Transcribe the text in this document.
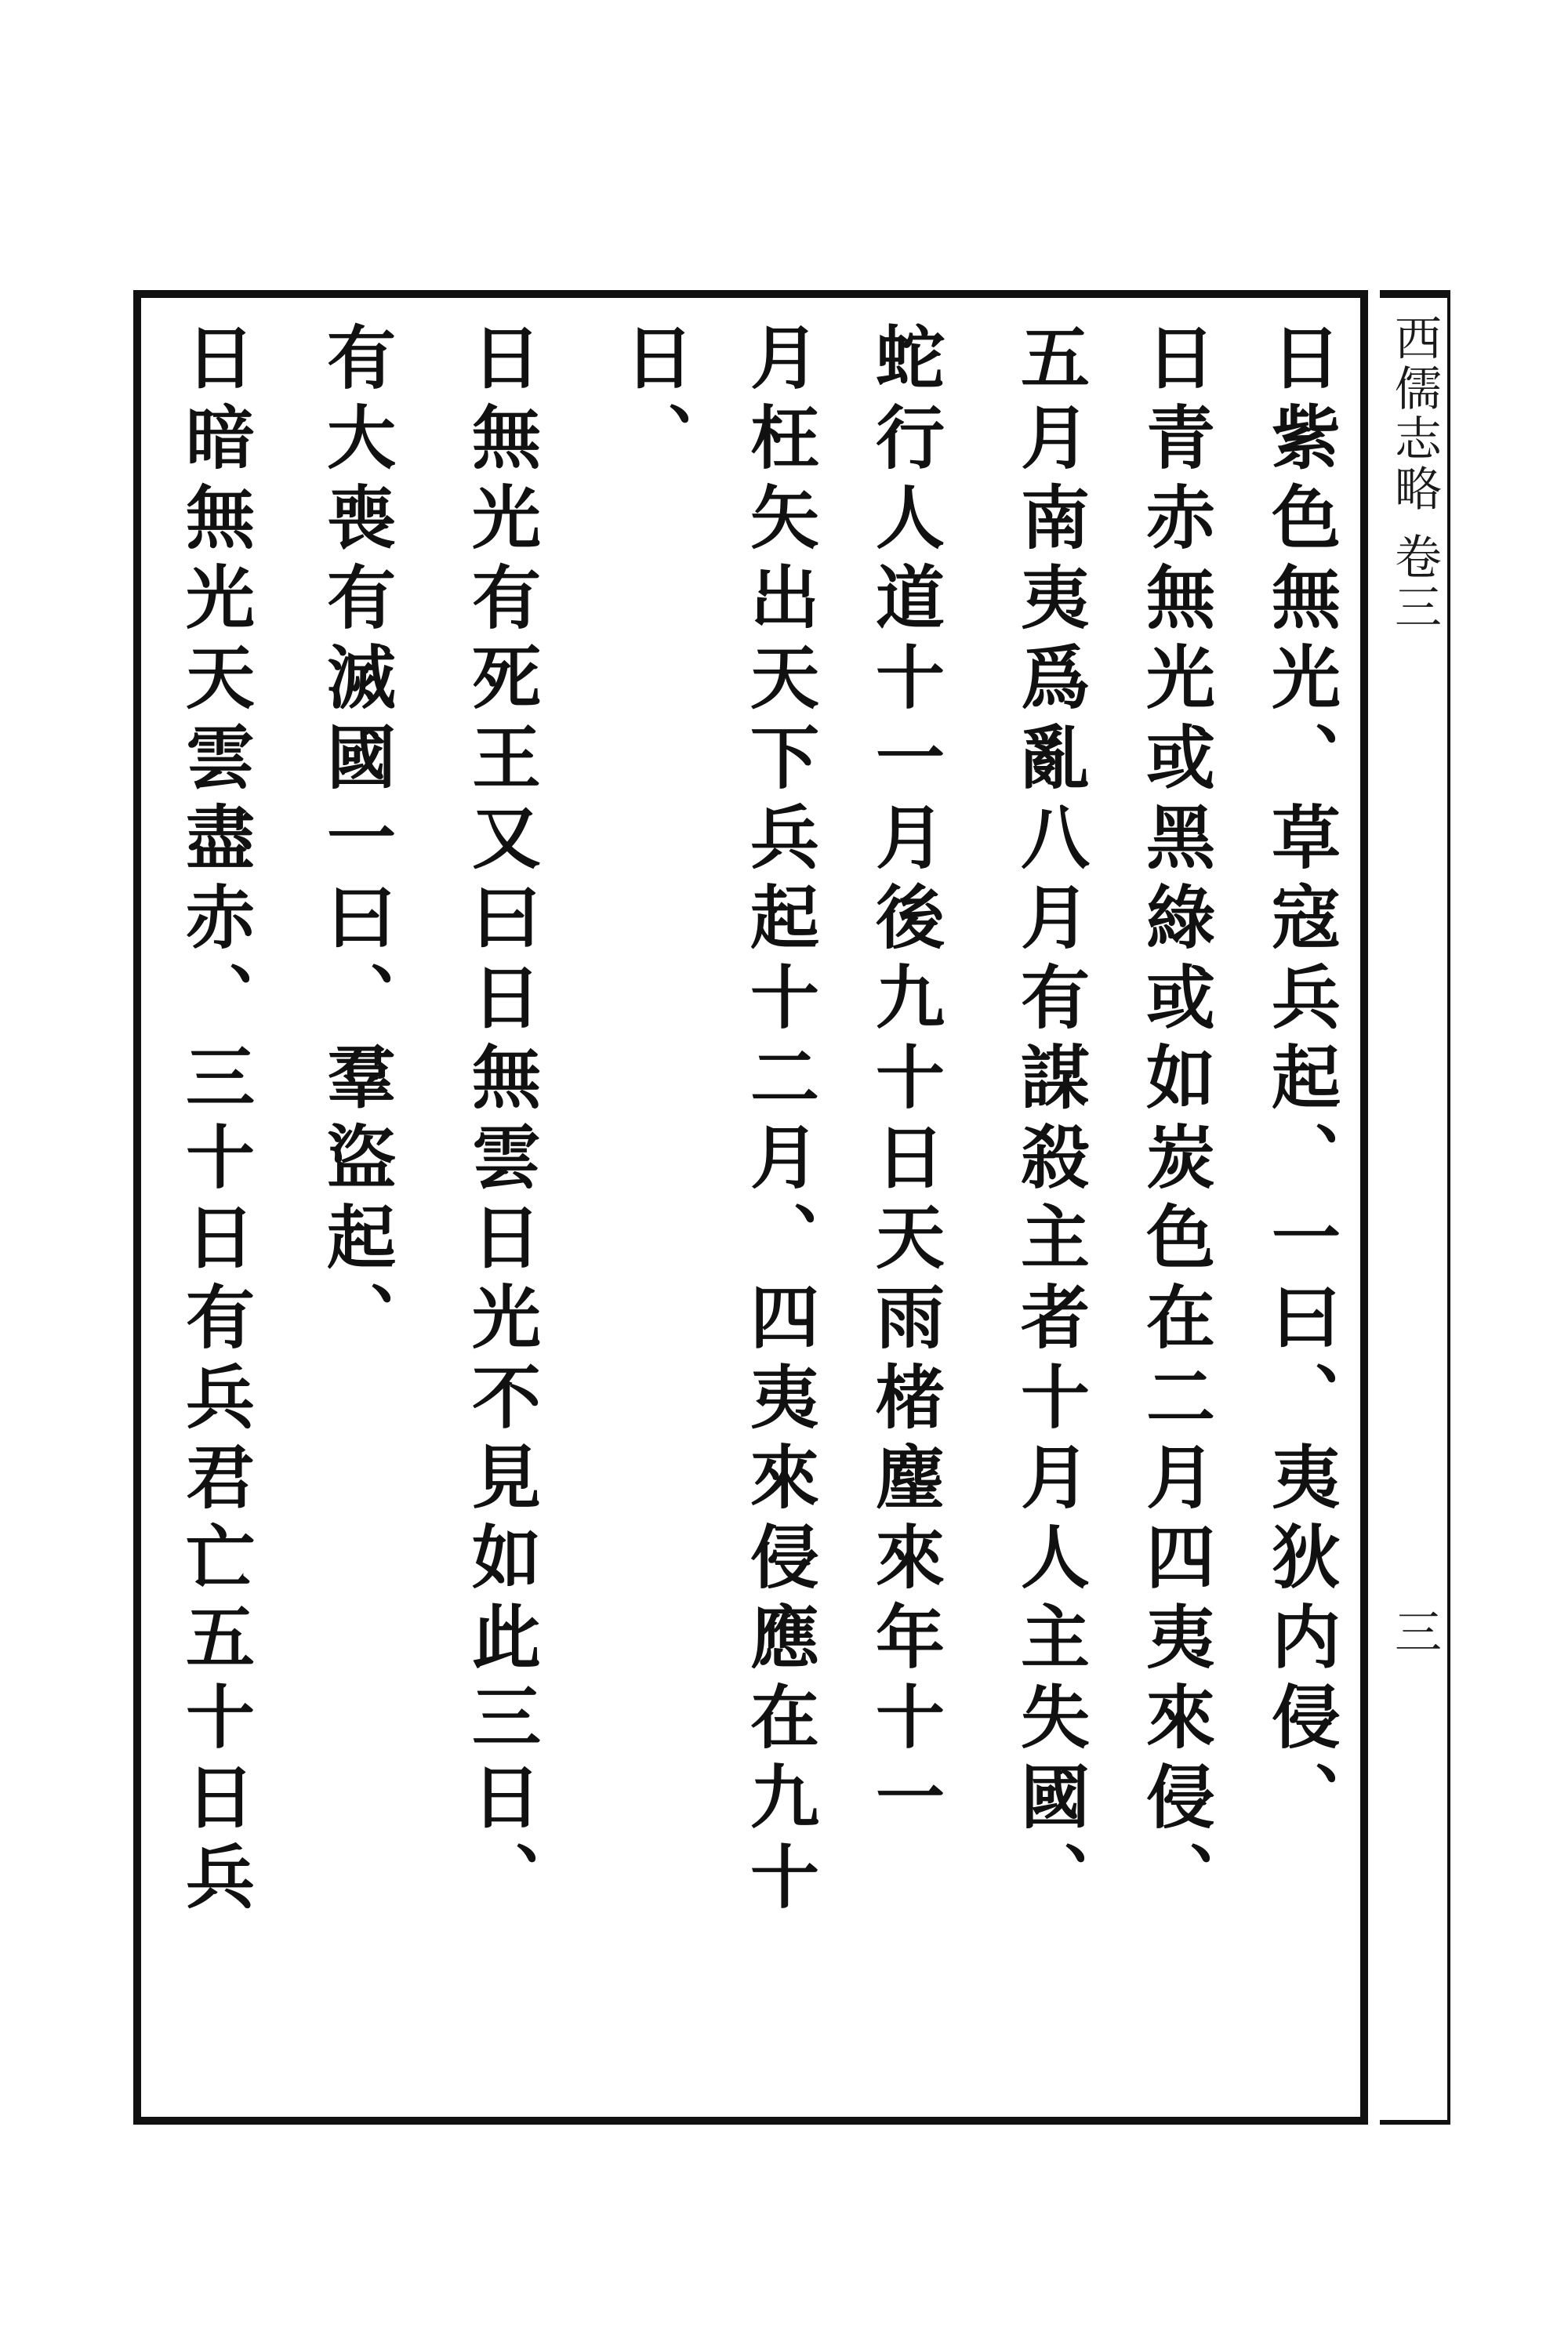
西儒志略 卷三
三
日紫色無光、草寇兵起、一曰、夷狄内侵、
日青赤無光或黑綠或如炭色在二月四夷來侵、
五月南夷爲亂八月有謀殺主者十月人主失國、
蛇行人道十一月後九十日天雨楮麈來年十一
月枉矢出天下兵起十二月、四夷來侵應在九十
日、
日無光有死王又曰日無雲日光不見如此三日、
有大喪有滅國一曰、羣盜起、
日暗無光天雲盡赤、三十日有兵君亡五十日兵
